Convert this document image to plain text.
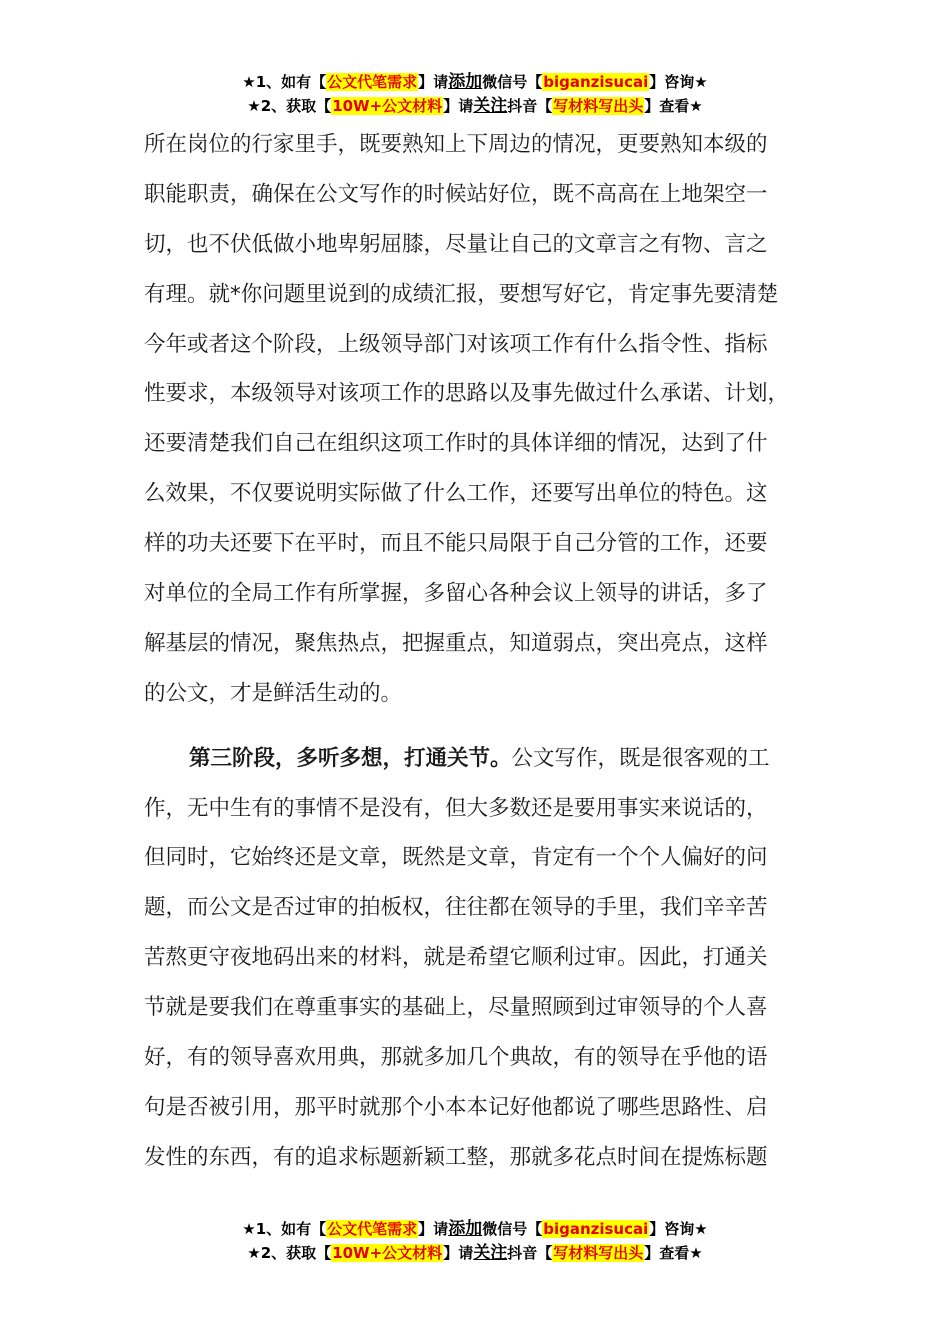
★1、如有【公文代笔需求】请添加微信号【biganzisucai】咨询★
★2、获取【10W+公文材料】请关注抖音【写材料写出头】查看★
所在岗位的行家里手，既要熟知上下周边的情况，更要熟知本级的
职能职责，确保在公文写作的时候站好位，既不高高在上地架空一
切，也不伏低做小地卑躬屈膝，尽量让自己的文章言之有物、言之
有理。就*你问题里说到的成绩汇报，要想写好它，肯定事先要清楚
今年或者这个阶段，上级领导部门对该项工作有什么指令性、指标
性要求，本级领导对该项工作的思路以及事先做过什么承诺、计划，
还要清楚我们自己在组织这项工作时的具体详细的情况，达到了什
么效果，不仅要说明实际做了什么工作，还要写出单位的特色。这
样的功夫还要下在平时，而且不能只局限于自己分管的工作，还要
对单位的全局工作有所掌握，多留心各种会议上领导的讲话，多了
解基层的情况，聚焦热点，把握重点，知道弱点，突出亮点，这样
的公文，才是鲜活生动的。
第三阶段，多听多想，打通关节。公文写作，既是很客观的工
作，无中生有的事情不是没有，但大多数还是要用事实来说话的，
但同时，它始终还是文章，既然是文章，肯定有一个个人偏好的问
题，而公文是否过审的拍板权，往往都在领导的手里，我们辛辛苦
苦熬更守夜地码出来的材料，就是希望它顺利过审。因此，打通关
节就是要我们在尊重事实的基础上，尽量照顾到过审领导的个人喜
好，有的领导喜欢用典，那就多加几个典故，有的领导在乎他的语
句是否被引用，那平时就那个小本本记好他都说了哪些思路性、启
发性的东西，有的追求标题新颖工整，那就多花点时间在提炼标题
★1、如有【公文代笔需求】请添加微信号【biganzisucai】咨询★
★2、获取【10W+公文材料】请关注抖音【写材料写出头】查看★
